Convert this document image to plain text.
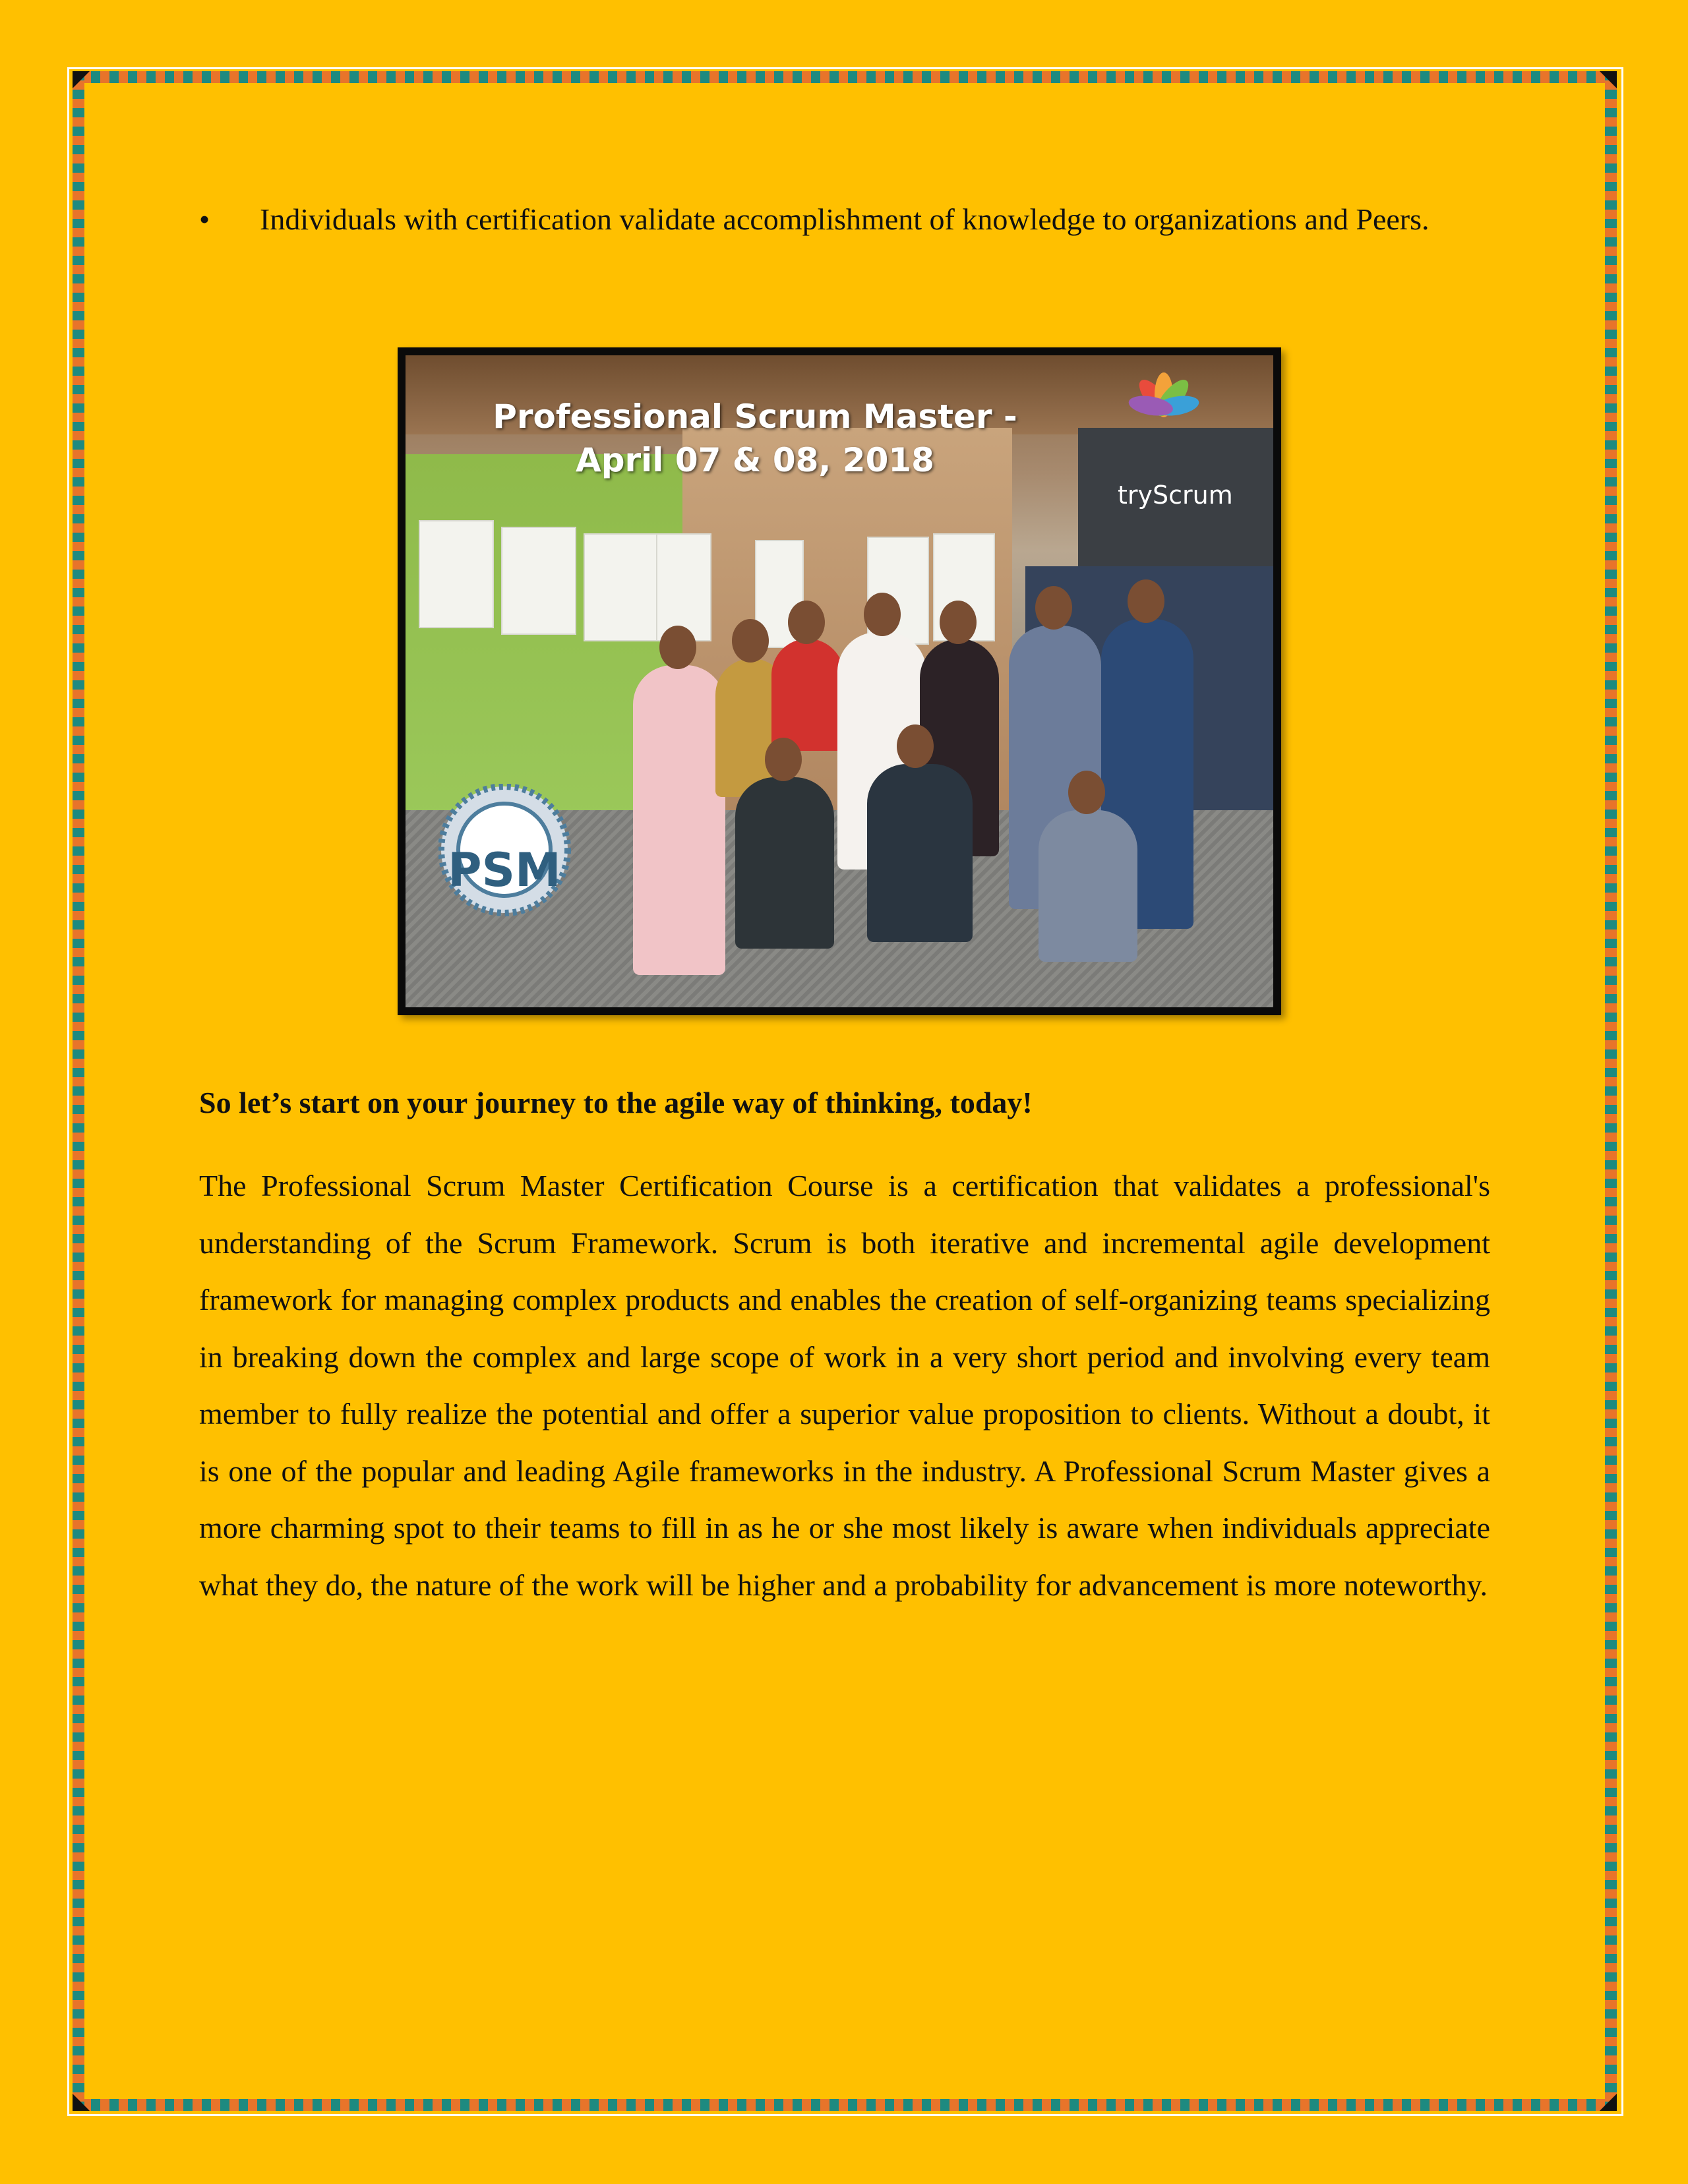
• Individuals with certification validate accomplishment of knowledge to organizations and Peers.

Professional Scrum Master -
April 07 & 08, 2018
tryScrum
PSM

So let’s start on your journey to the agile way of thinking, today!

The Professional Scrum Master Certification Course is a certification that validates a professional's understanding of the Scrum Framework. Scrum is both iterative and incremental agile development framework for managing complex products and enables the creation of self-organizing teams specializing in breaking down the complex and large scope of work in a very short period and involving every team member to fully realize the potential and offer a superior value proposition to clients. Without a doubt, it is one of the popular and leading Agile frameworks in the industry. A Professional Scrum Master gives a more charming spot to their teams to fill in as he or she most likely is aware when individuals appreciate what they do, the nature of the work will be higher and a probability for advancement is more noteworthy.
